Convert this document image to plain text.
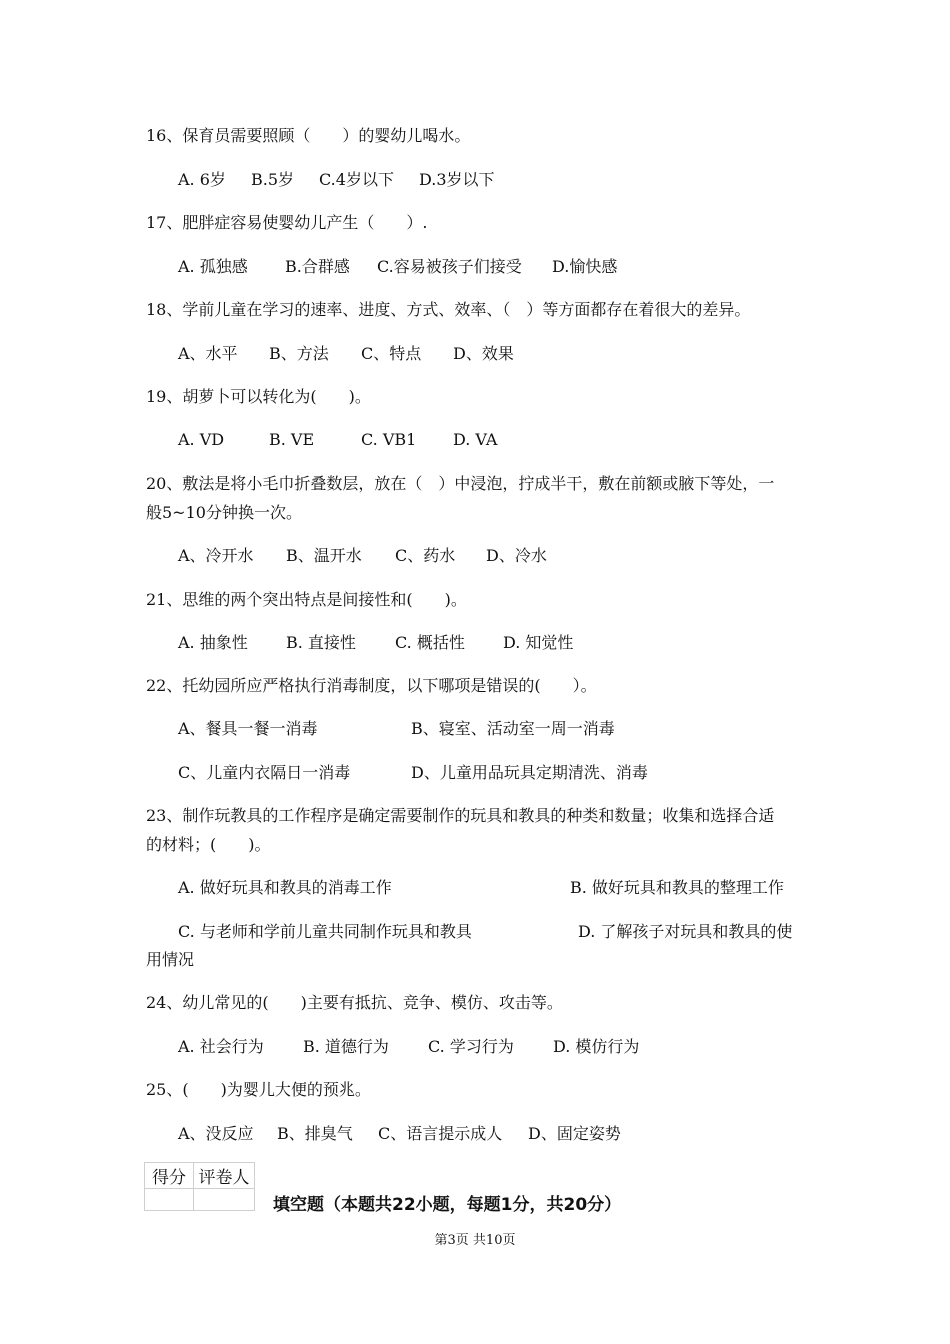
16、保育员需要照顾（　　）的婴幼儿喝水。
A. 6岁 B.5岁 C.4岁以下 D.3岁以下
17、肥胖症容易使婴幼儿产生（　　）.
A. 孤独感 B.合群感 C.容易被孩子们接受 D.愉快感
18、学前儿童在学习的速率、进度、方式、效率、（　）等方面都存在着很大的差异。
A、水平 B、方法 C、特点 D、效果
19、胡萝卜可以转化为(　　)。
A. VD	B. VE	C. VB1 D. VA
20、敷法是将小毛巾折叠数层，放在（　）中浸泡，拧成半干，敷在前额或腋下等处，一
般5~10分钟换一次。
A、冷开水 B、温开水 C、药水 D、冷水
21、思维的两个突出特点是间接性和(　　)。
A. 抽象性 B. 直接性 C. 概括性 D. 知觉性
22、托幼园所应严格执行消毒制度，以下哪项是错误的(　　）。
A、餐具一餐一消毒	B、寝室、活动室一周一消毒
C、儿童内衣隔日一消毒	D、儿童用品玩具定期清洗、消毒
23、制作玩教具的工作程序是确定需要制作的玩具和教具的种类和数量；收集和选择合适
的材料；(　　)。
A. 做好玩具和教具的消毒工作	B. 做好玩具和教具的整理工作
C. 与老师和学前儿童共同制作玩具和教具	D. 了解孩子对玩具和教具的使
用情况
24、幼儿常见的(　　)主要有抵抗、竞争、模仿、攻击等。
A. 社会行为 B. 道德行为 C. 学习行为 D. 模仿行为
25、(　　)为婴儿大便的预兆。
A、没反应 B、排臭气 C、语言提示成人 D、固定姿势
得分	评卷人

填空题（本题共22小题，每题1分，共20分）
第3页 共10页
